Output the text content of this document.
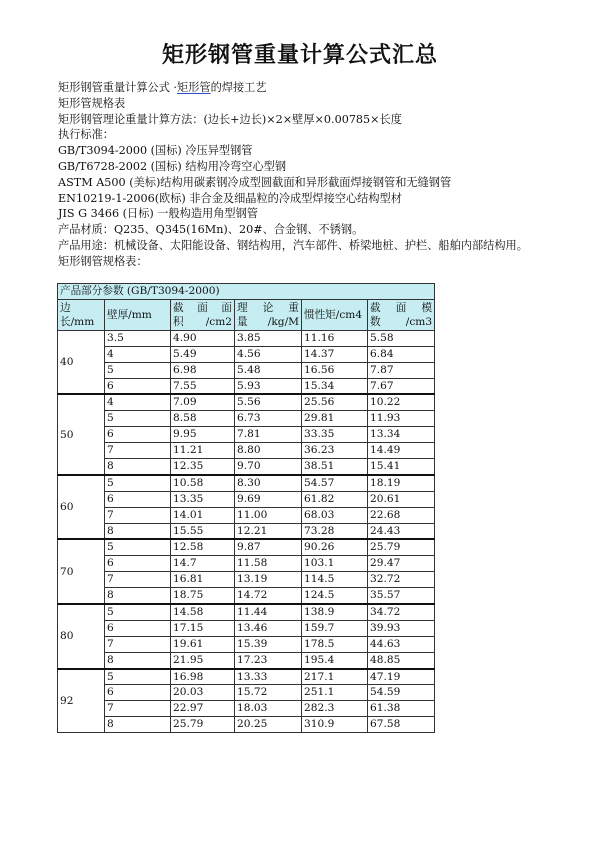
矩形钢管重量计算公式汇总
矩形钢管重量计算公式 ·矩形管的焊接工艺
矩形管规格表
矩形钢管理论重量计算方法：(边长+边长)×2×壁厚×0.00785×长度
执行标准：
GB/T3094-2000 (国标) 冷压异型钢管
GB/T6728-2002 (国标) 结构用冷弯空心型钢
ASTM A500 (美标)结构用碳素钢冷成型圆截面和异形截面焊接钢管和无缝钢管
EN10219-1-2006(欧标) 非合金及细晶粒的冷成型焊接空心结构型材
JIS G 3466 (日标) 一般构造用角型钢管
产品材质：Q235、Q345(16Mn)、20#、合金钢、不锈钢。
产品用途：机械设备、太阳能设备、钢结构用，汽车部件、桥梁地桩、护栏、船舶内部结构用。
矩形钢管规格表：
产品部分参数 (GB/T3094-2000)					
边长/mm	壁厚/mm	截面面积/cm2	理论重量/kg/M	惯性矩/cm4	截面模数/cm3
40	3.5	4.90	3.85	11.16	5.58
	4	5.49	4.56	14.37	6.84
	5	6.98	5.48	16.56	7.87
	6	7.55	5.93	15.34	7.67
50	4	7.09	5.56	25.56	10.22
	5	8.58	6.73	29.81	11.93
	6	9.95	7.81	33.35	13.34
	7	11.21	8.80	36.23	14.49
	8	12.35	9.70	38.51	15.41
60	5	10.58	8.30	54.57	18.19
	6	13.35	9.69	61.82	20.61
	7	14.01	11.00	68.03	22.68
	8	15.55	12.21	73.28	24.43
70	5	12.58	9.87	90.26	25.79
	6	14.7	11.58	103.1	29.47
	7	16.81	13.19	114.5	32.72
	8	18.75	14.72	124.5	35.57
80	5	14.58	11.44	138.9	34.72
	6	17.15	13.46	159.7	39.93
	7	19.61	15.39	178.5	44.63
	8	21.95	17.23	195.4	48.85
92	5	16.98	13.33	217.1	47.19
	6	20.03	15.72	251.1	54.59
	7	22.97	18.03	282.3	61.38
	8	25.79	20.25	310.9	67.58
